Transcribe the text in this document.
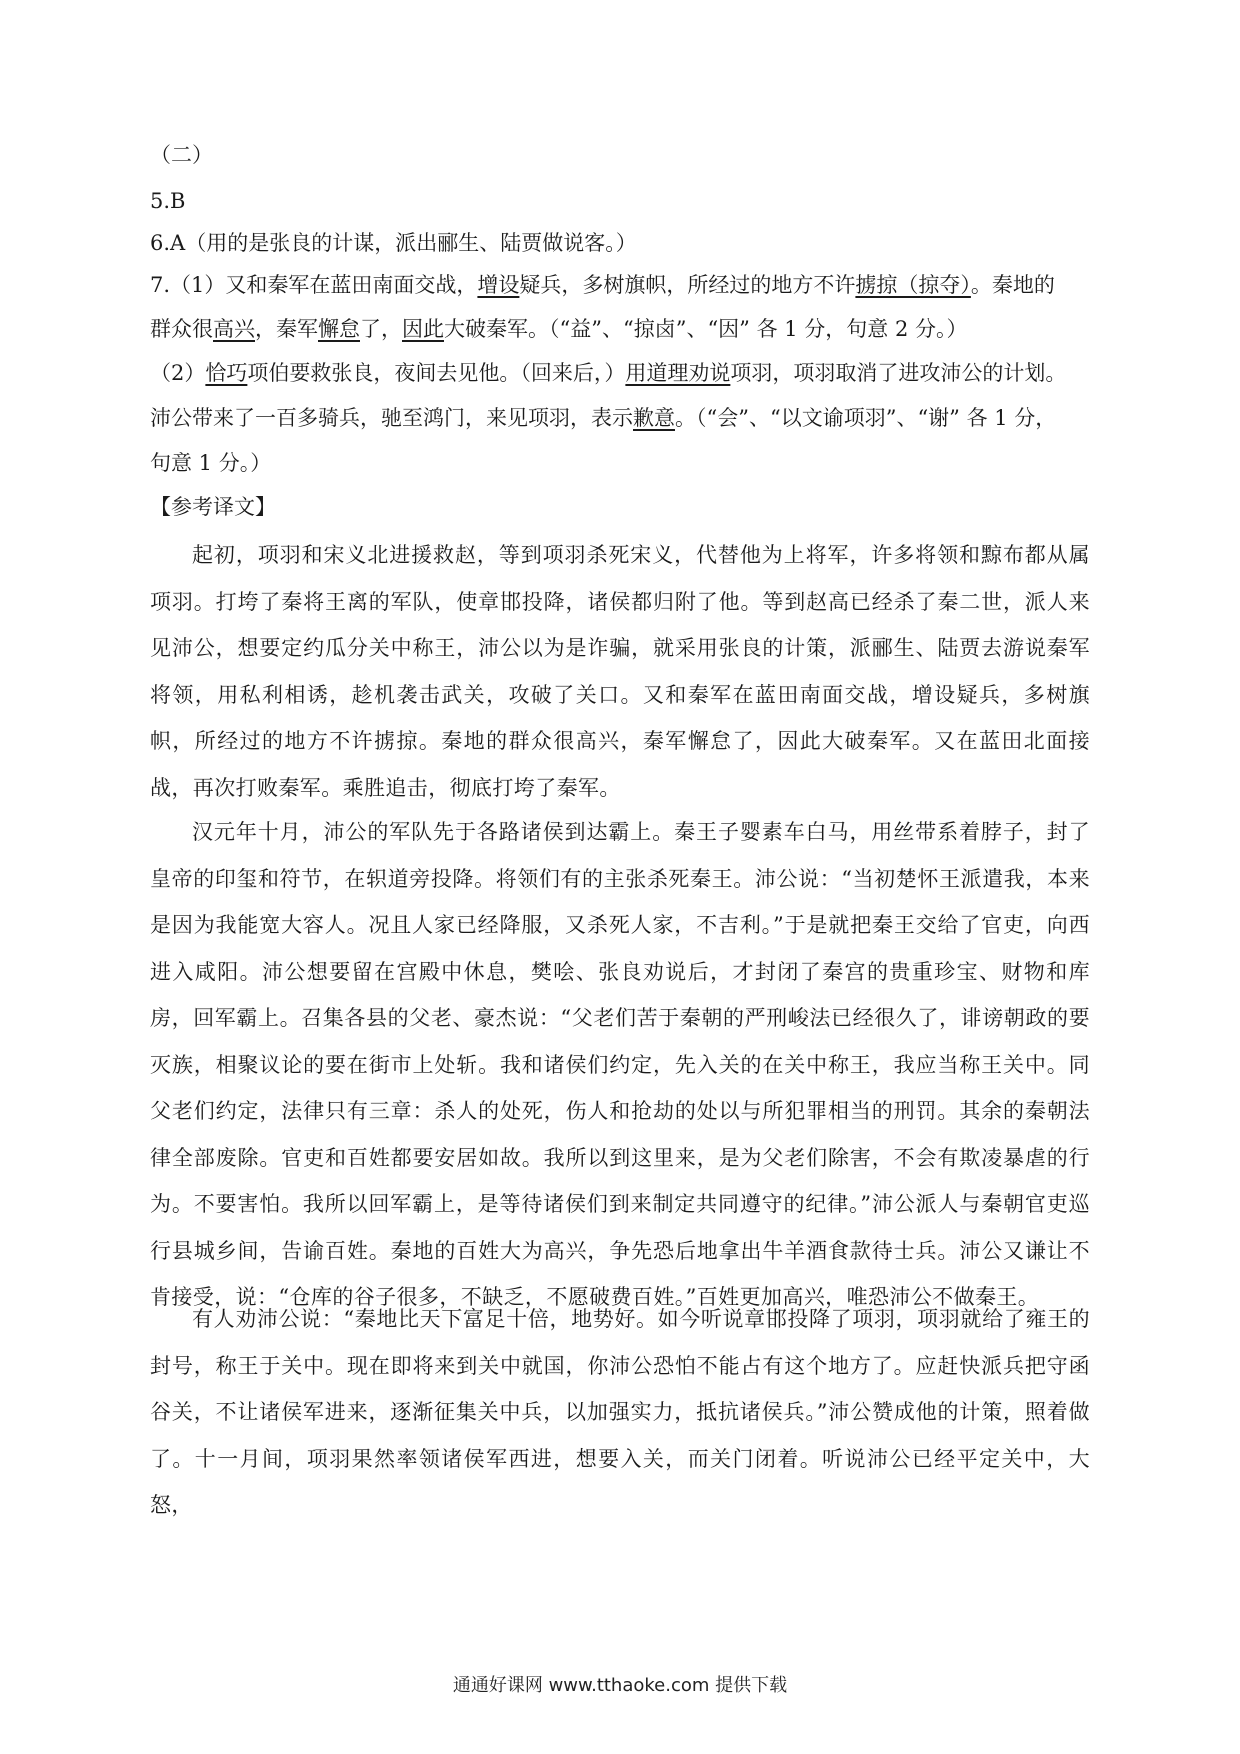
（二）
5.B
6.A（用的是张良的计谋，派出郦生、陆贾做说客。）
7.（1）又和秦军在蓝田南面交战，增设疑兵，多树旗帜，所经过的地方不许掳掠（掠夺）。秦地的
群众很高兴，秦军懈怠了，因此大破秦军。（“益”、“掠卤”、“因” 各 1 分，句意 2 分。）
（2）恰巧项伯要救张良，夜间去见他。（回来后，）用道理劝说项羽，项羽取消了进攻沛公的计划。
沛公带来了一百多骑兵，驰至鸿门，来见项羽，表示歉意。（“会”、“以文谕项羽”、“谢” 各 1 分，
句意 1 分。）
【参考译文】
起初，项羽和宋义北进援救赵，等到项羽杀死宋义，代替他为上将军，许多将领和黥布都从属项羽。打垮了秦将王离的军队，使章邯投降，诸侯都归附了他。等到赵高已经杀了秦二世，派人来见沛公，想要定约瓜分关中称王，沛公以为是诈骗，就采用张良的计策，派郦生、陆贾去游说秦军将领，用私利相诱，趁机袭击武关，攻破了关口。又和秦军在蓝田南面交战，增设疑兵，多树旗帜，所经过的地方不许掳掠。秦地的群众很高兴，秦军懈怠了，因此大破秦军。又在蓝田北面接战，再次打败秦军。乘胜追击，彻底打垮了秦军。
汉元年十月，沛公的军队先于各路诸侯到达霸上。秦王子婴素车白马，用丝带系着脖子，封了皇帝的印玺和符节，在轵道旁投降。将领们有的主张杀死秦王。沛公说：“当初楚怀王派遣我，本来是因为我能宽大容人。况且人家已经降服，又杀死人家，不吉利。”于是就把秦王交给了官吏，向西进入咸阳。沛公想要留在宫殿中休息，樊哙、张良劝说后，才封闭了秦宫的贵重珍宝、财物和库房，回军霸上。召集各县的父老、豪杰说：“父老们苦于秦朝的严刑峻法已经很久了，诽谤朝政的要灭族，相聚议论的要在街市上处斩。我和诸侯们约定，先入关的在关中称王，我应当称王关中。同父老们约定，法律只有三章：杀人的处死，伤人和抢劫的处以与所犯罪相当的刑罚。其余的秦朝法律全部废除。官吏和百姓都要安居如故。我所以到这里来，是为父老们除害，不会有欺凌暴虐的行为。不要害怕。我所以回军霸上，是等待诸侯们到来制定共同遵守的纪律。”沛公派人与秦朝官吏巡行县城乡间，告谕百姓。秦地的百姓大为高兴，争先恐后地拿出牛羊酒食款待士兵。沛公又谦让不肯接受，说：“仓库的谷子很多，不缺乏，不愿破费百姓。”百姓更加高兴，唯恐沛公不做秦王。
有人劝沛公说：“秦地比天下富足十倍，地势好。如今听说章邯投降了项羽，项羽就给了雍王的封号，称王于关中。现在即将来到关中就国，你沛公恐怕不能占有这个地方了。应赶快派兵把守函谷关，不让诸侯军进来，逐渐征集关中兵，以加强实力，抵抗诸侯兵。”沛公赞成他的计策，照着做了。十一月间，项羽果然率领诸侯军西进，想要入关，而关门闭着。听说沛公已经平定关中，大怒，
通通好课网 www.tthaoke.com 提供下载
